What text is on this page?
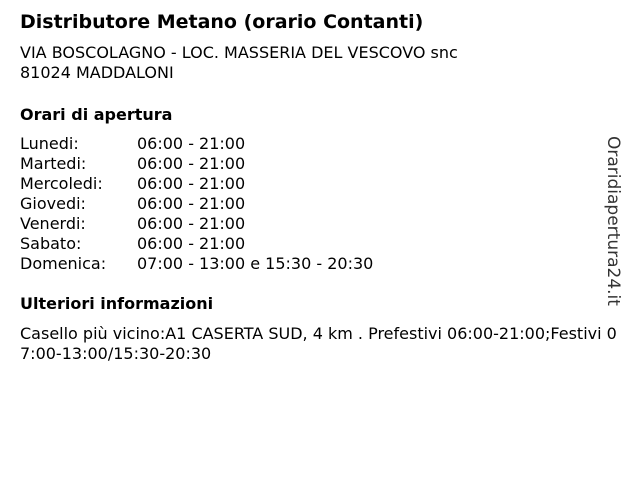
Distributore Metano (orario Contanti)
VIA BOSCOLAGNO - LOC. MASSERIA DEL VESCOVO snc
81024 MADDALONI
Orari di apertura
Lunedi:	06:00 - 21:00
Martedi:	06:00 - 21:00
Mercoledi: 06:00 - 21:00
Giovedi:	06:00 - 21:00
Venerdi:	06:00 - 21:00
Sabato:	06:00 - 21:00
Domenica: 07:00 - 13:00 e 15:30 - 20:30
Ulteriori informazioni
Casello più vicino:A1 CASERTA SUD, 4 km . Prefestivi 06:00-21:00;Festivi 07:00-13:00/15:30-20:30
Oraridiapertura24.it
